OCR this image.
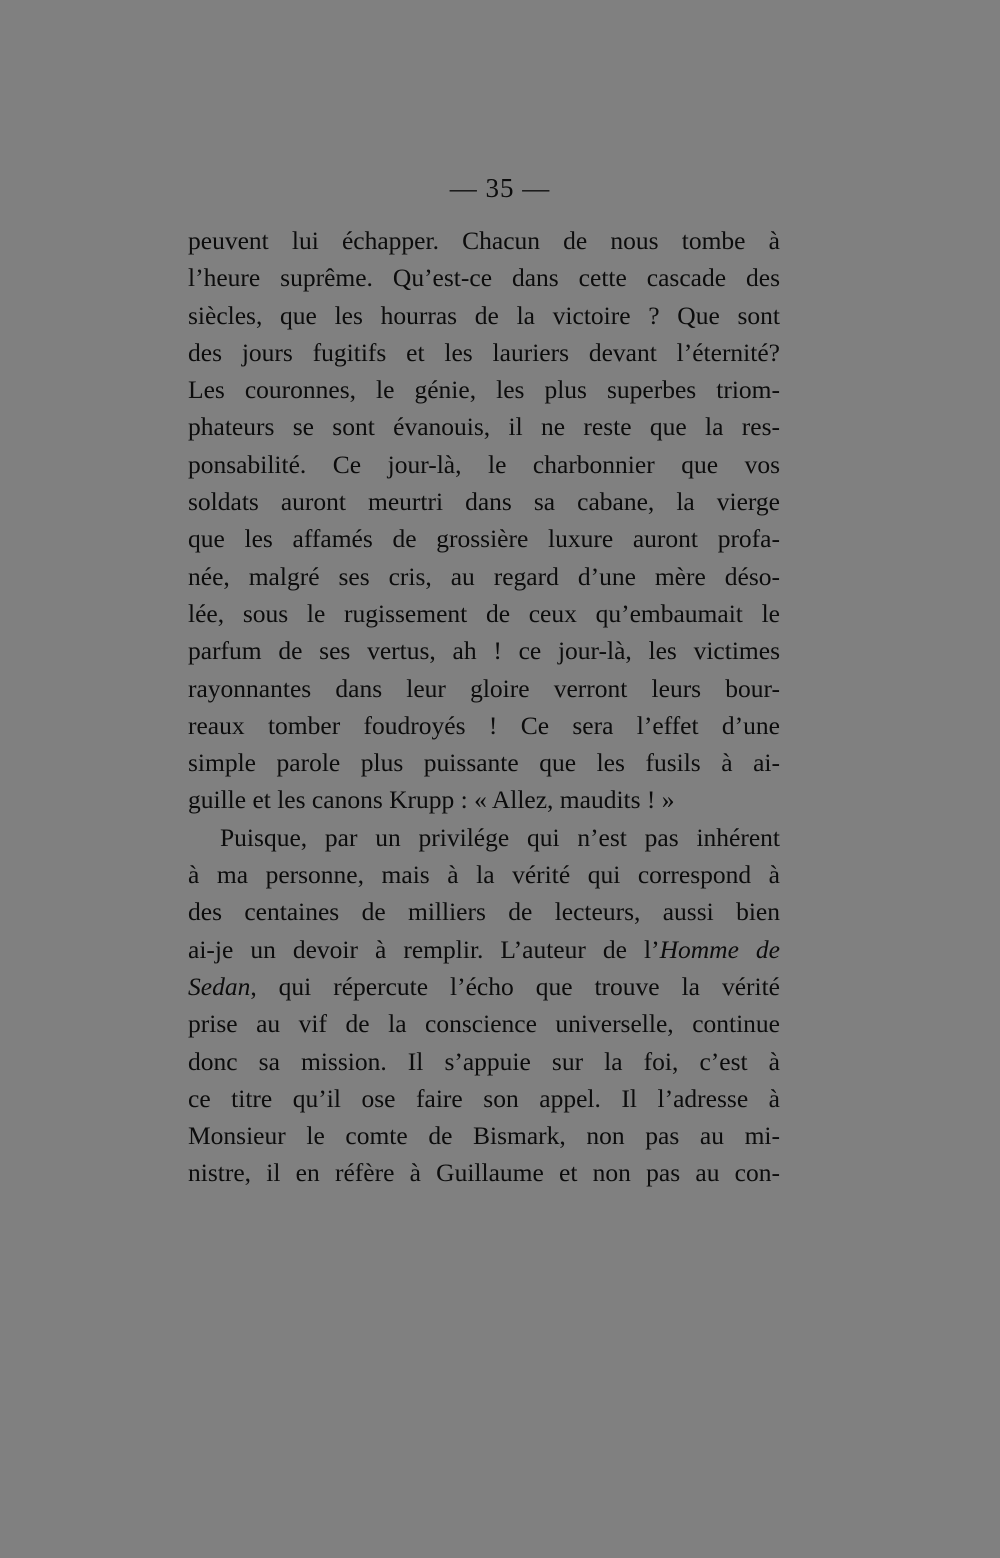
— 35 —
peuvent lui échapper. Chacun de nous tombe à
l’heure suprême. Qu’est-ce dans cette cascade des
siècles, que les hourras de la victoire ? Que sont
des jours fugitifs et les lauriers devant l’éternité?
Les couronnes, le génie, les plus superbes triom-
phateurs se sont évanouis, il ne reste que la res-
ponsabilité. Ce jour-là, le charbonnier que vos
soldats auront meurtri dans sa cabane, la vierge
que les affamés de grossière luxure auront profa-
née, malgré ses cris, au regard d’une mère déso-
lée, sous le rugissement de ceux qu’embaumait le
parfum de ses vertus, ah ! ce jour-là, les victimes
rayonnantes dans leur gloire verront leurs bour-
reaux tomber foudroyés ! Ce sera l’effet d’une
simple parole plus puissante que les fusils à ai-
guille et les canons Krupp : « Allez, maudits ! »
Puisque, par un privilége qui n’est pas inhérent
à ma personne, mais à la vérité qui correspond à
des centaines de milliers de lecteurs, aussi bien
ai-je un devoir à remplir. L’auteur de l’Homme de
Sedan, qui répercute l’écho que trouve la vérité
prise au vif de la conscience universelle, continue
donc sa mission. Il s’appuie sur la foi, c’est à
ce titre qu’il ose faire son appel. Il l’adresse à
Monsieur le comte de Bismark, non pas au mi-
nistre, il en réfère à Guillaume et non pas au con-
